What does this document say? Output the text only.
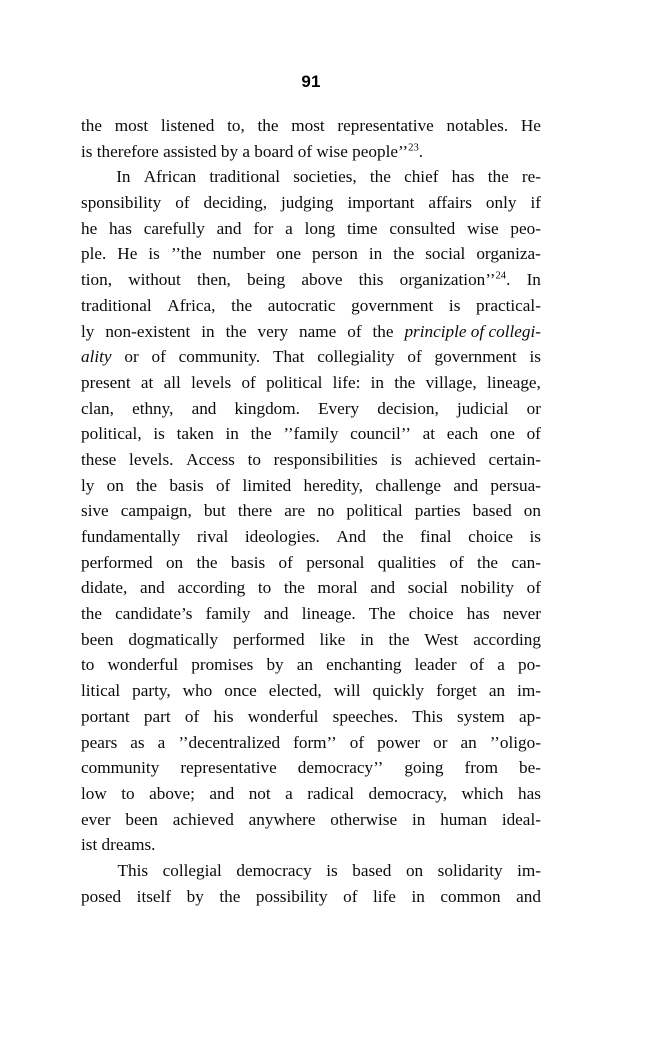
91

the most listened to, the most representative notables. He
is therefore assisted by a board of wise people’’$^{23}$.

In African traditional societies, the chief has the re-
sponsibility of deciding, judging important affairs only if
he has carefully and for a long time consulted wise peo-
ple. He is ’’the number one person in the social organiza-
tion, without then, being above this organization’’$^{24}$. In
traditional Africa, the autocratic government is practical-
ly non-existent in the very name of the principle of collegi-
ality or of community. That collegiality of government is
present at all levels of political life: in the village, lineage,
clan, ethny, and kingdom. Every decision, judicial or
political, is taken in the ’’family council’’ at each one of
these levels. Access to responsibilities is achieved certain-
ly on the basis of limited heredity, challenge and persua-
sive campaign, but there are no political parties based on
fundamentally rival ideologies. And the final choice is
performed on the basis of personal qualities of the can-
didate, and according to the moral and social nobility of
the candidate’s family and lineage. The choice has never
been dogmatically performed like in the West according
to wonderful promises by an enchanting leader of a po-
litical party, who once elected, will quickly forget an im-
portant part of his wonderful speeches. This system ap-
pears as a ’’decentralized form’’ of power or an ’’oligo-
community representative democracy’’ going from be-
low to above; and not a radical democracy, which has
ever been achieved anywhere otherwise in human ideal-
ist dreams.

This collegial democracy is based on solidarity im-
posed itself by the possibility of life in common and
